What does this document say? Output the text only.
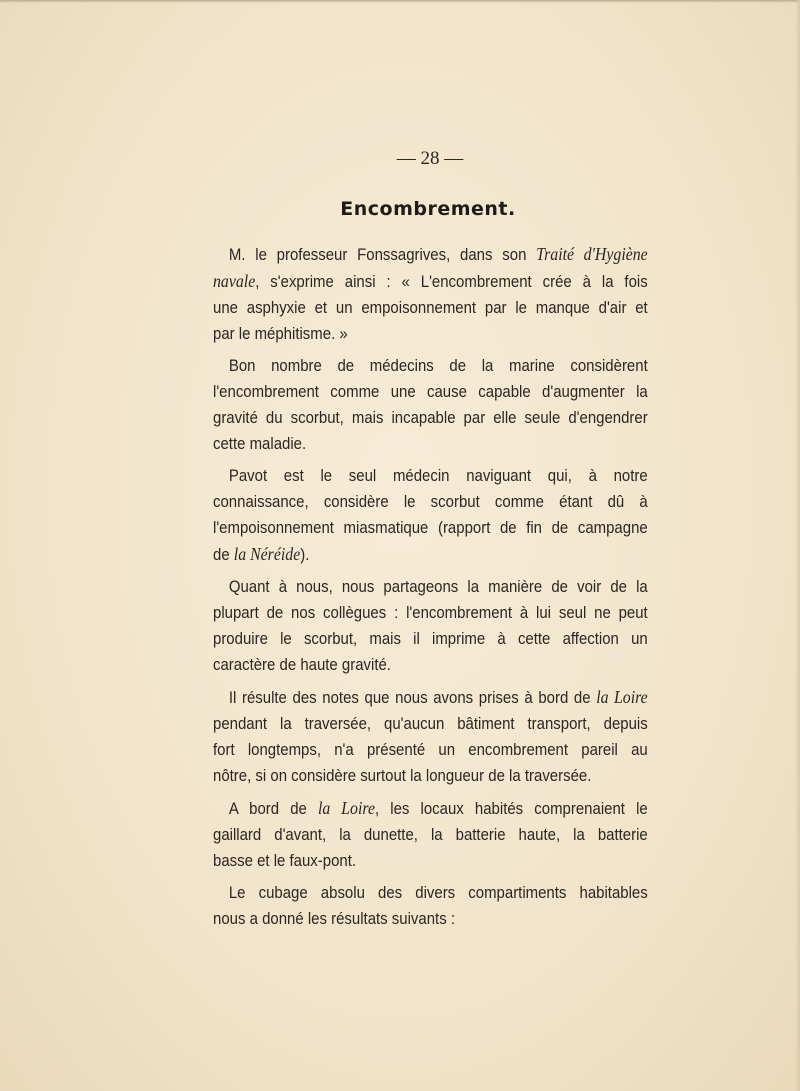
— 28 —
Encombrement.
M. le professeur Fonssagrives, dans son Traité d'Hygiène
navale, s'exprime ainsi : « L'encombrement crée à la fois
une asphyxie et un empoisonnement par le manque d'air et
par le méphitisme. »
Bon nombre de médecins de la marine considèrent
l'encombrement comme une cause capable d'augmenter la
gravité du scorbut, mais incapable par elle seule d'engendrer
cette maladie.
Pavot est le seul médecin naviguant qui, à notre
connaissance, considère le scorbut comme étant dû à
l'empoisonnement miasmatique (rapport de fin de campagne
de la Néréide).
Quant à nous, nous partageons la manière de voir de la
plupart de nos collègues : l'encombrement à lui seul ne peut
produire le scorbut, mais il imprime à cette affection un
caractère de haute gravité.
Il résulte des notes que nous avons prises à bord de la Loire
pendant la traversée, qu'aucun bâtiment transport, depuis
fort longtemps, n'a présenté un encombrement pareil au
nôtre, si on considère surtout la longueur de la traversée.
A bord de la Loire, les locaux habités comprenaient le
gaillard d'avant, la dunette, la batterie haute, la batterie
basse et le faux-pont.
Le cubage absolu des divers compartiments habitables
nous a donné les résultats suivants :
